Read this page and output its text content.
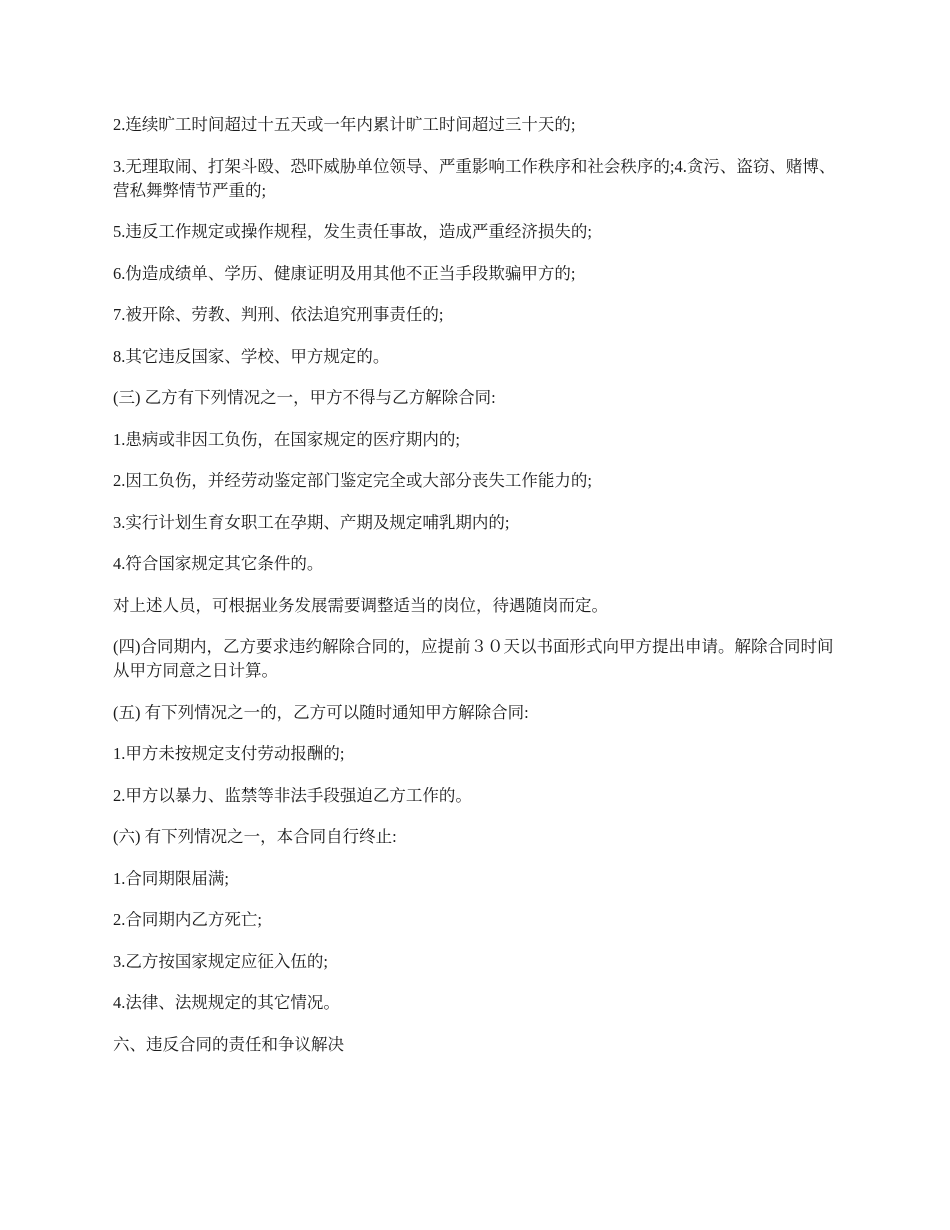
2.连续旷工时间超过十五天或一年内累计旷工时间超过三十天的;

3.无理取闹、打架斗殴、恐吓威胁单位领导、严重影响工作秩序和社会秩序的;4.贪污、盗窃、赌博、营私舞弊情节严重的;

5.违反工作规定或操作规程，发生责任事故，造成严重经济损失的;

6.伪造成绩单、学历、健康证明及用其他不正当手段欺骗甲方的;

7.被开除、劳教、判刑、依法追究刑事责任的;

8.其它违反国家、学校、甲方规定的。

(三) 乙方有下列情况之一，甲方不得与乙方解除合同:

1.患病或非因工负伤，在国家规定的医疗期内的;

2.因工负伤，并经劳动鉴定部门鉴定完全或大部分丧失工作能力的;

3.实行计划生育女职工在孕期、产期及规定哺乳期内的;

4.符合国家规定其它条件的。

对上述人员，可根据业务发展需要调整适当的岗位，待遇随岗而定。

(四)合同期内，乙方要求违约解除合同的，应提前３０天以书面形式向甲方提出申请。解除合同时间从甲方同意之日计算。

(五) 有下列情况之一的，乙方可以随时通知甲方解除合同:

1.甲方未按规定支付劳动报酬的;

2.甲方以暴力、监禁等非法手段强迫乙方工作的。

(六) 有下列情况之一，本合同自行终止:

1.合同期限届满;

2.合同期内乙方死亡;

3.乙方按国家规定应征入伍的;

4.法律、法规规定的其它情况。

六、违反合同的责任和争议解决
